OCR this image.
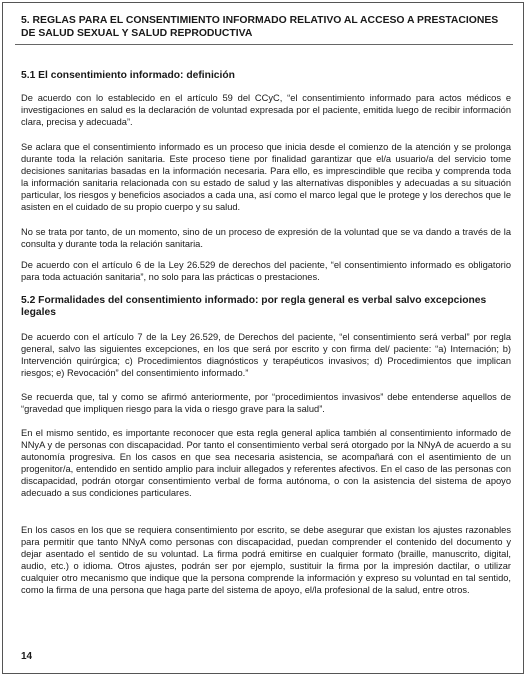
5. REGLAS PARA EL CONSENTIMIENTO INFORMADO RELATIVO AL ACCESO A PRESTACIONES DE SALUD SEXUAL Y SALUD REPRODUCTIVA
5.1 El consentimiento informado: definición
De acuerdo con lo establecido en el artículo 59 del CCyC, “el consentimiento informado para actos médicos e investigaciones en salud es la declaración de voluntad expresada por el paciente, emitida luego de recibir información clara, precisa y adecuada”.
Se aclara que el consentimiento informado es un proceso que inicia desde el comienzo de la atención y se prolonga durante toda la relación sanitaria. Este proceso tiene por finalidad garantizar que el/a usuario/a del servicio tome decisiones sanitarias basadas en la información necesaria. Para ello, es imprescindible que reciba y comprenda toda la información sanitaria relacionada con su estado de salud y las alternativas disponibles y adecuadas a su situación particular, los riesgos y beneficios asociados a cada una, así como el marco legal que le protege y los derechos que le asisten en el cuidado de su propio cuerpo y su salud.
No se trata por tanto, de un momento, sino de un proceso de expresión de la voluntad que se va dando a través de la consulta y durante toda la relación sanitaria.
De acuerdo con el artículo 6 de la Ley 26.529 de derechos del paciente, “el consentimiento informado es obligatorio para toda actuación sanitaria”, no solo para las prácticas o prestaciones.
5.2 Formalidades del consentimiento informado: por regla general es verbal salvo excepciones legales
De acuerdo con el artículo 7 de la Ley 26.529, de Derechos del paciente, “el consentimiento será verbal” por regla general, salvo las siguientes excepciones, en los que será por escrito y con firma del/ paciente: “a) Internación; b) Intervención quirúrgica; c) Procedimientos diagnósticos y terapéuticos invasivos; d) Procedimientos que implican riesgos; e) Revocación” del consentimiento informado.”
Se recuerda que, tal y como se afirmó anteriormente, por “procedimientos invasivos” debe entenderse aquellos de “gravedad que impliquen riesgo para la vida o riesgo grave para la salud”.
En el mismo sentido, es importante reconocer que esta regla general aplica también al consentimiento informado de NNyA y de personas con discapacidad. Por tanto el consentimiento verbal será otorgado por la NNyA de acuerdo a su autonomía progresiva. En los casos en que sea necesaria asistencia, se acompañará con el asentimiento de un progenitor/a, entendido en sentido amplio para incluir allegados y referentes afectivos. En el caso de las personas con discapacidad, podrán otorgar consentimiento verbal de forma autónoma, o con la asistencia del sistema de apoyo adecuado a sus condiciones particulares.
En los casos en los que se requiera consentimiento por escrito, se debe asegurar que existan los ajustes razonables para permitir que tanto NNyA como personas con discapacidad, puedan comprender el contenido del documento y dejar asentado el sentido de su voluntad. La firma podrá emitirse en cualquier formato (braille, manuscrito, digital, audio, etc.) o idioma. Otros ajustes, podrán ser por ejemplo, sustituir la firma por la impresión dactilar, o utilizar cualquier otro mecanismo que indique que la persona comprende la información y expreso su voluntad en tal sentido, como la firma de una persona que haga parte del sistema de apoyo, el/la profesional de la salud, entre otros.
14
